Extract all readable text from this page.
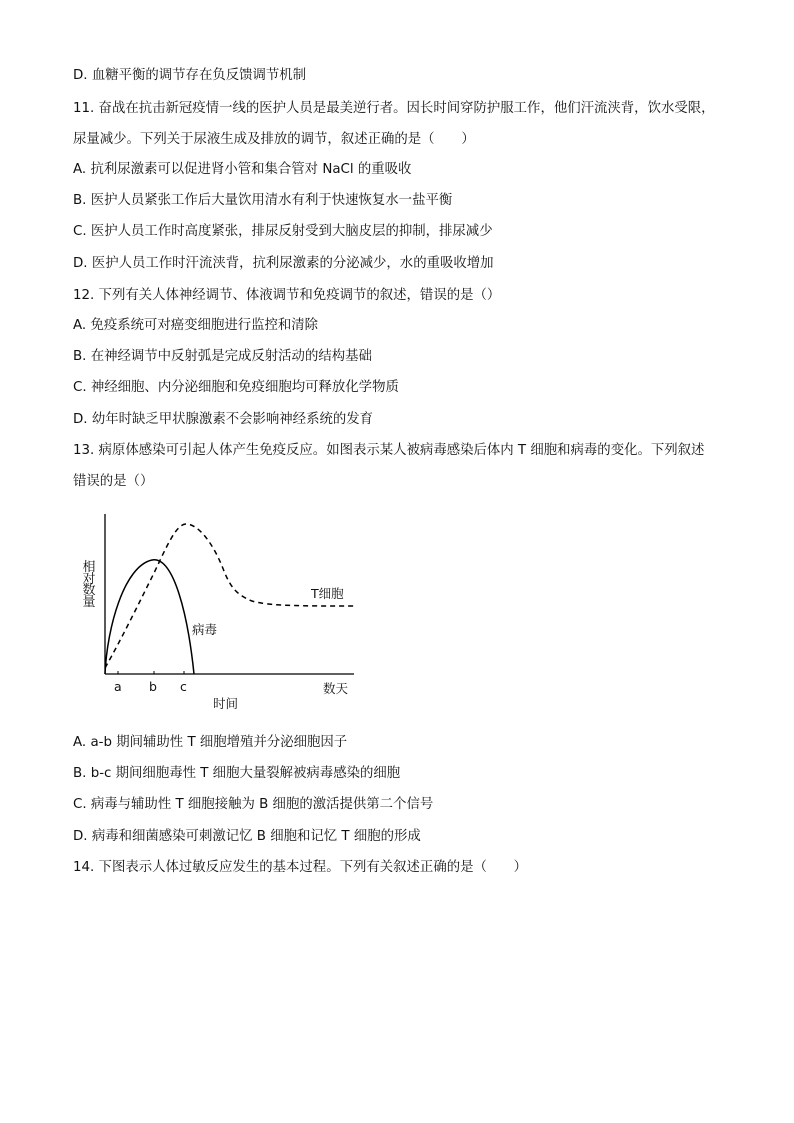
D. 血糖平衡的调节存在负反馈调节机制
11. 奋战在抗击新冠疫情一线的医护人员是最美逆行者。因长时间穿防护服工作，他们汗流浃背，饮水受限，
尿量减少。下列关于尿液生成及排放的调节，叙述正确的是（　　）
A. 抗利尿激素可以促进肾小管和集合管对 NaCl 的重吸收
B. 医护人员紧张工作后大量饮用清水有利于快速恢复水一盐平衡
C. 医护人员工作时高度紧张，排尿反射受到大脑皮层的抑制，排尿减少
D. 医护人员工作时汗流浃背，抗利尿激素的分泌减少，水的重吸收增加
12. 下列有关人体神经调节、体液调节和免疫调节的叙述，错误的是（）
A. 免疫系统可对癌变细胞进行监控和清除
B. 在神经调节中反射弧是完成反射活动的结构基础
C. 神经细胞、内分泌细胞和免疫细胞均可释放化学物质
D. 幼年时缺乏甲状腺激素不会影响神经系统的发育
13. 病原体感染可引起人体产生免疫反应。如图表示某人被病毒感染后体内 T 细胞和病毒的变化。下列叙述
错误的是（）
相对数量
T细胞
病毒
a b c	数天
时间
A. a-b 期间辅助性 T 细胞增殖并分泌细胞因子
B. b-c 期间细胞毒性 T 细胞大量裂解被病毒感染的细胞
C. 病毒与辅助性 T 细胞接触为 B 细胞的激活提供第二个信号
D. 病毒和细菌感染可刺激记忆 B 细胞和记忆 T 细胞的形成
14. 下图表示人体过敏反应发生的基本过程。下列有关叙述正确的是（　　）
